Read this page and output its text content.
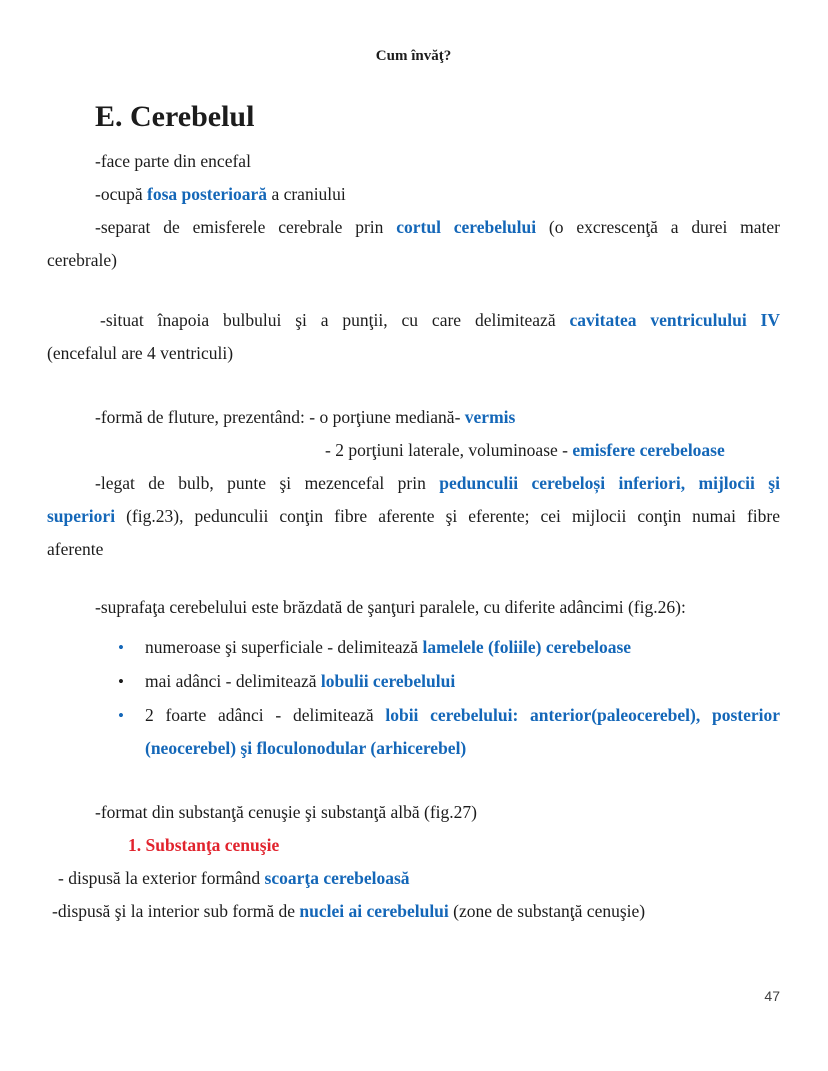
Cum învăţ?
E. Cerebelul
-face parte din encefal
-ocupă fosa posterioară a craniului
-separat de emisferele cerebrale prin cortul cerebelului (o excrescenţă a durei mater
cerebrale)
-situat înapoia bulbului şi a punţii, cu care delimitează cavitatea ventriculului IV
(encefalul are 4 ventriculi)
-formă de fluture, prezentând: - o porţiune mediană- vermis
- 2 porţiuni laterale, voluminoase - emisfere cerebeloase
-legat de bulb, punte şi mezencefal prin pedunculii cerebeloși inferiori, mijlocii şi
superiori (fig.23), pedunculii conţin fibre aferente şi eferente; cei mijlocii conţin numai fibre
aferente
-suprafaţa cerebelului este brăzdată de şanţuri paralele, cu diferite adâncimi (fig.26):
• numeroase şi superficiale - delimitează lamelele (foliile) cerebeloase
• mai adânci - delimitează lobulii cerebelului
• 2 foarte adânci - delimitează lobii cerebelului: anterior(paleocerebel), posterior
(neocerebel) şi floculonodular (arhicerebel)
-format din substanţă cenuşie şi substanţă albă (fig.27)
1. Substanţa cenuşie
- dispusă la exterior formând scoarţa cerebeloasă
-dispusă şi la interior sub formă de nuclei ai cerebelului (zone de substanţă cenuşie)
47
